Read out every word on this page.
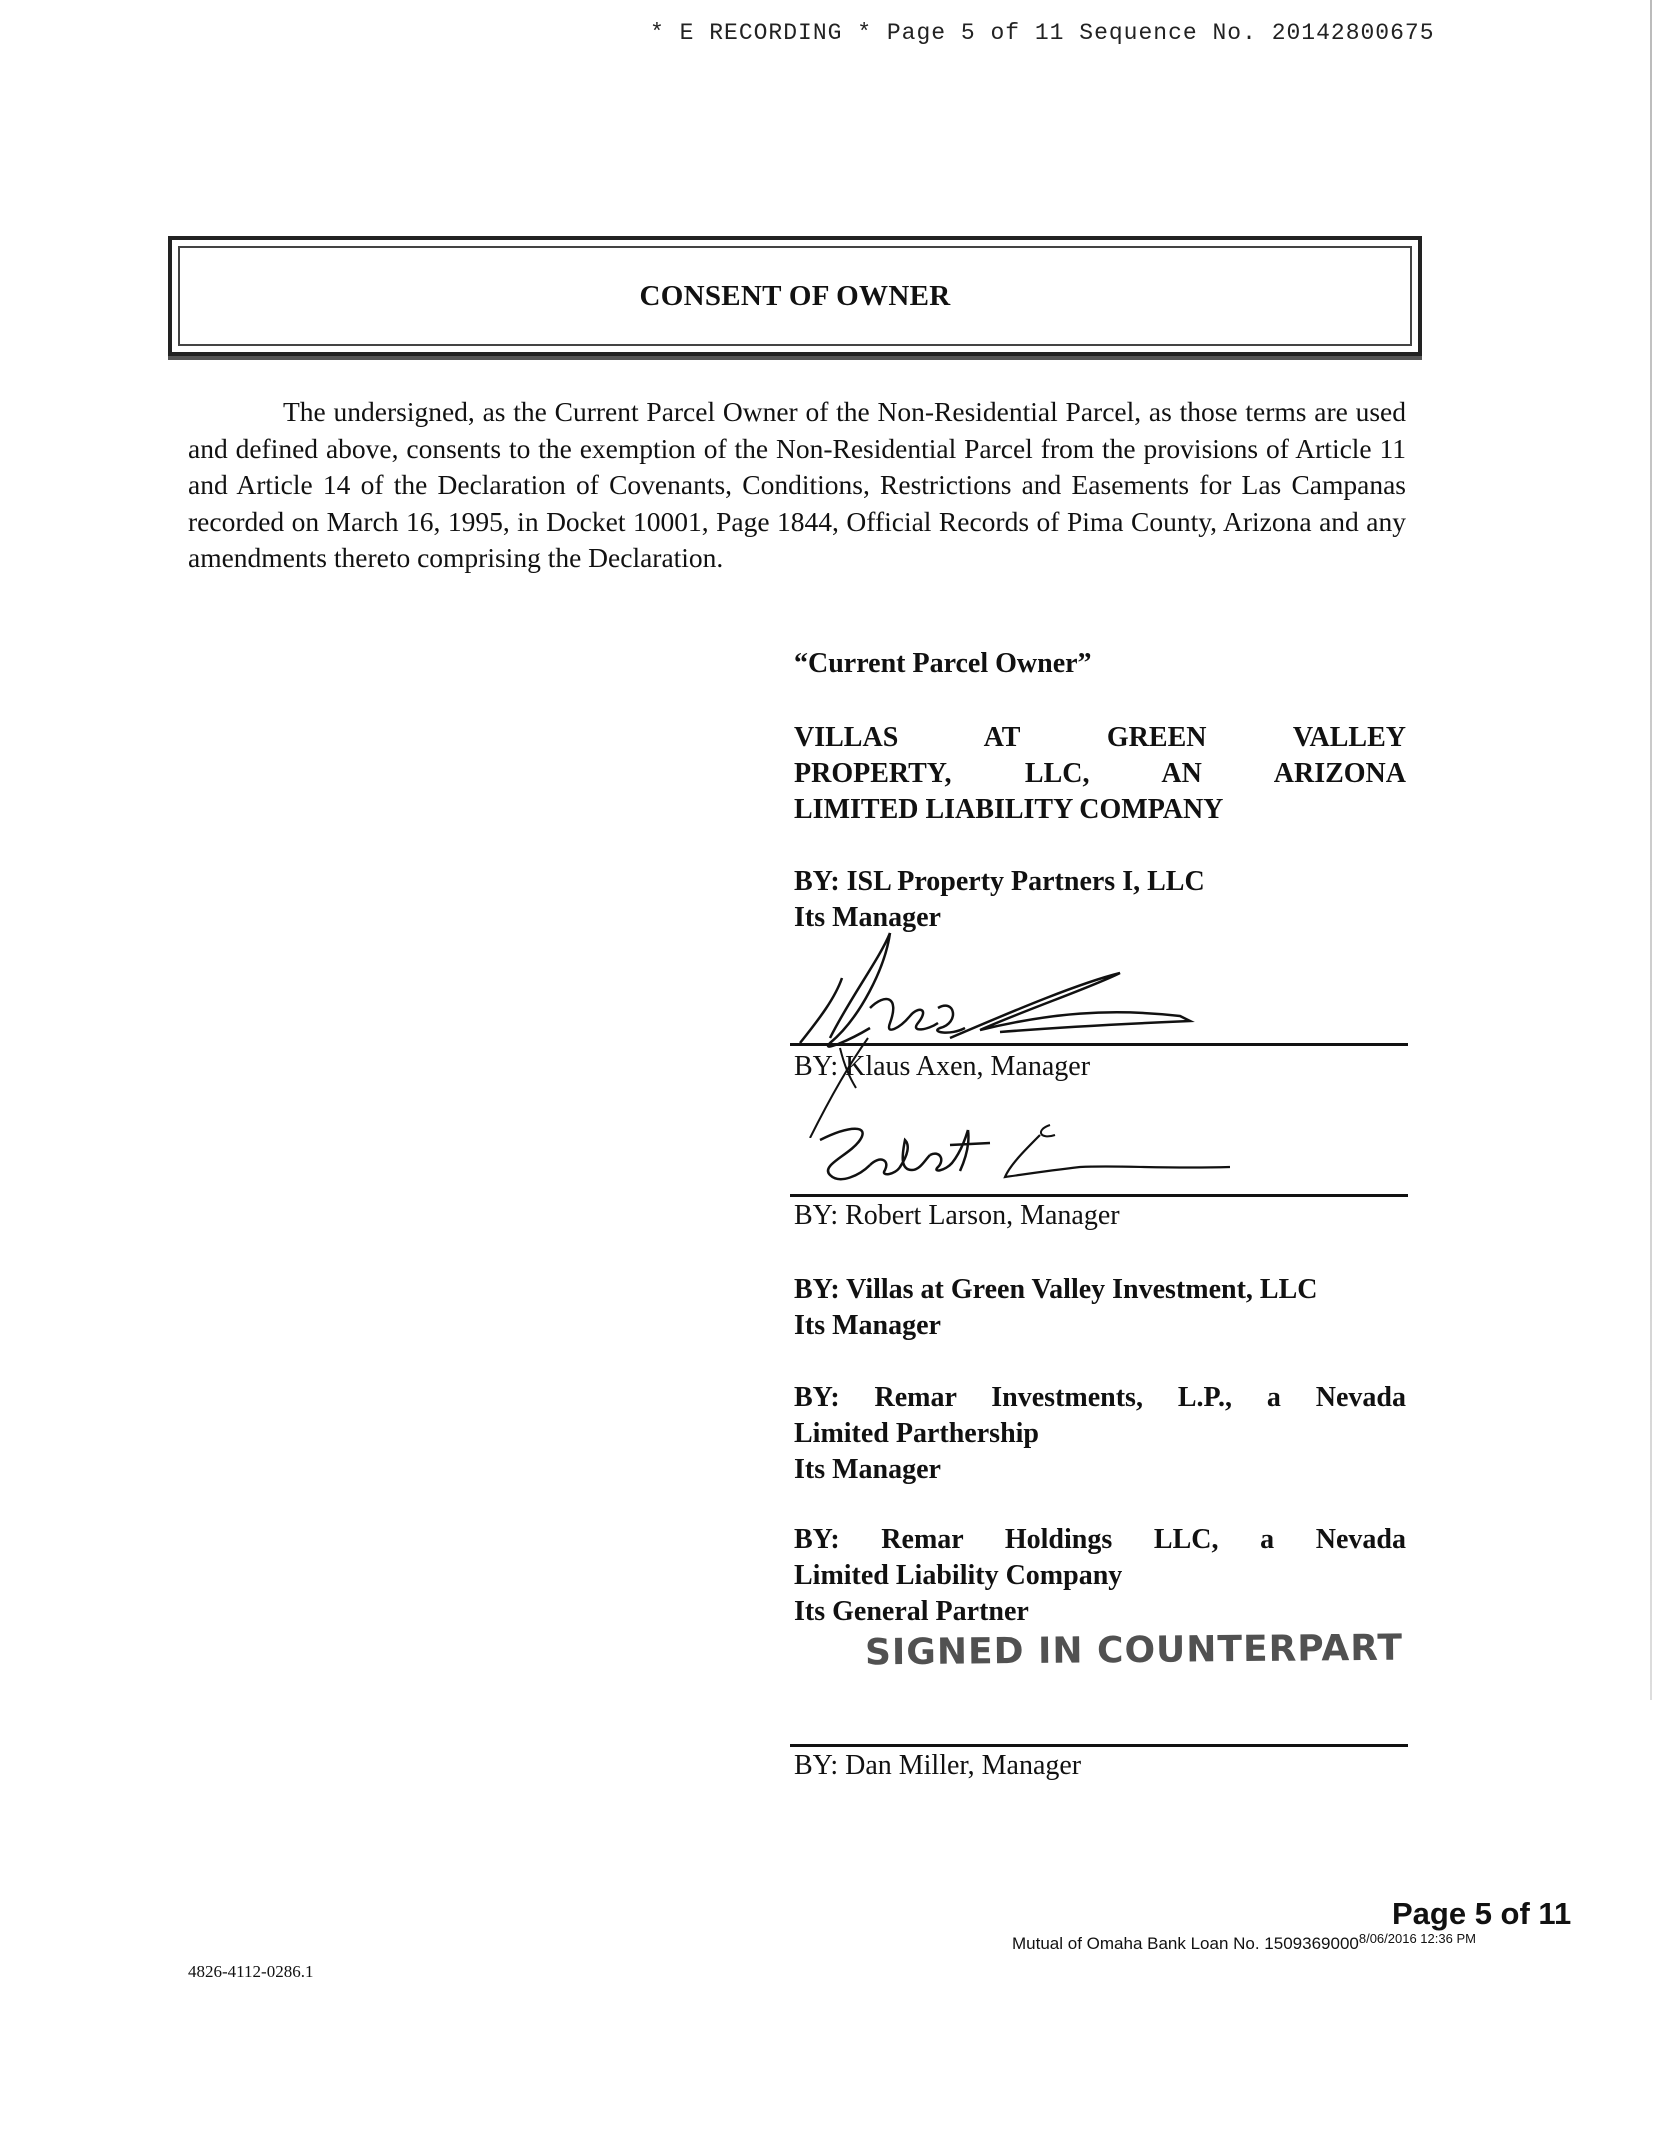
* E RECORDING * Page 5 of 11 Sequence No. 20142800675
CONSENT OF OWNER
The undersigned, as the Current Parcel Owner of the Non-Residential Parcel, as those terms are used and defined above, consents to the exemption of the Non-Residential Parcel from the provisions of Article 11 and Article 14 of the Declaration of Covenants, Conditions, Restrictions and Easements for Las Campanas recorded on March 16, 1995, in Docket 10001, Page 1844, Official Records of Pima County, Arizona and any amendments thereto comprising the Declaration.
“Current Parcel Owner”
VILLAS AT GREEN VALLEY
PROPERTY, LLC, AN ARIZONA
LIMITED LIABILITY COMPANY
BY: ISL Property Partners I, LLC
Its Manager
BY: Klaus Axen, Manager
BY: Robert Larson, Manager
BY: Villas at Green Valley Investment, LLC
Its Manager
BY: Remar Investments, L.P., a Nevada
Limited Parthership
Its Manager
BY: Remar Holdings LLC, a Nevada
Limited Liability Company
Its General Partner
SIGNED IN COUNTERPART
BY: Dan Miller, Manager
Page 5 of 11
Mutual of Omaha Bank Loan No. $1509369000^{8/06/2016 12:36 PM}$
4826-4112-0286.1
